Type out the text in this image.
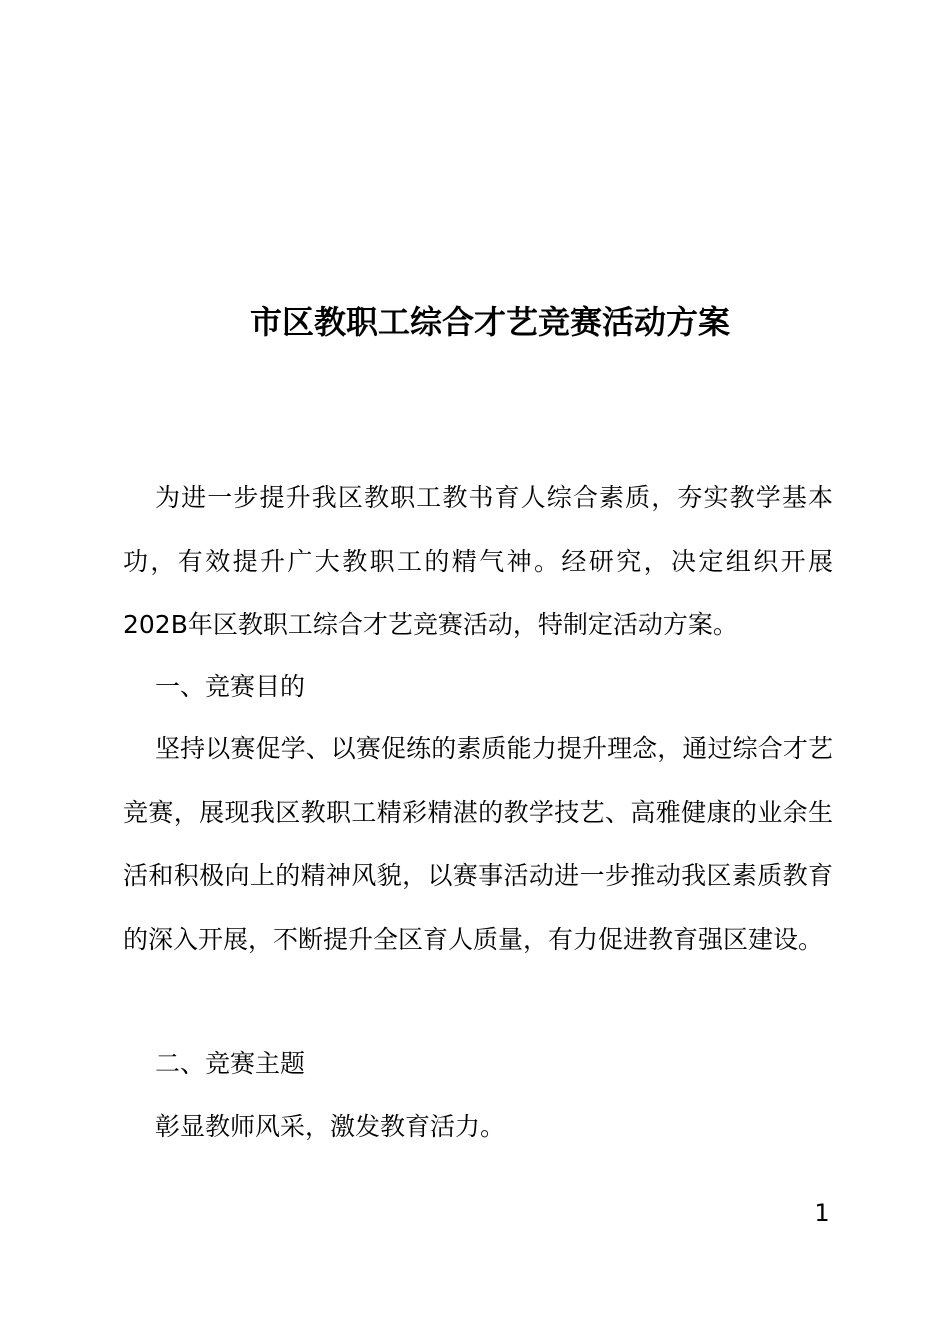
市区教职工综合才艺竞赛活动方案
为进一步提升我区教职工教书育人综合素质，夯实教学基本功，有效提升广大教职工的精气神。经研究，决定组织开展202B年区教职工综合才艺竞赛活动，特制定活动方案。
一、竞赛目的
坚持以赛促学、以赛促练的素质能力提升理念，通过综合才艺竞赛，展现我区教职工精彩精湛的教学技艺、高雅健康的业余生活和积极向上的精神风貌，以赛事活动进一步推动我区素质教育的深入开展，不断提升全区育人质量，有力促进教育强区建设。
二、竞赛主题
彰显教师风采，激发教育活力。
1
